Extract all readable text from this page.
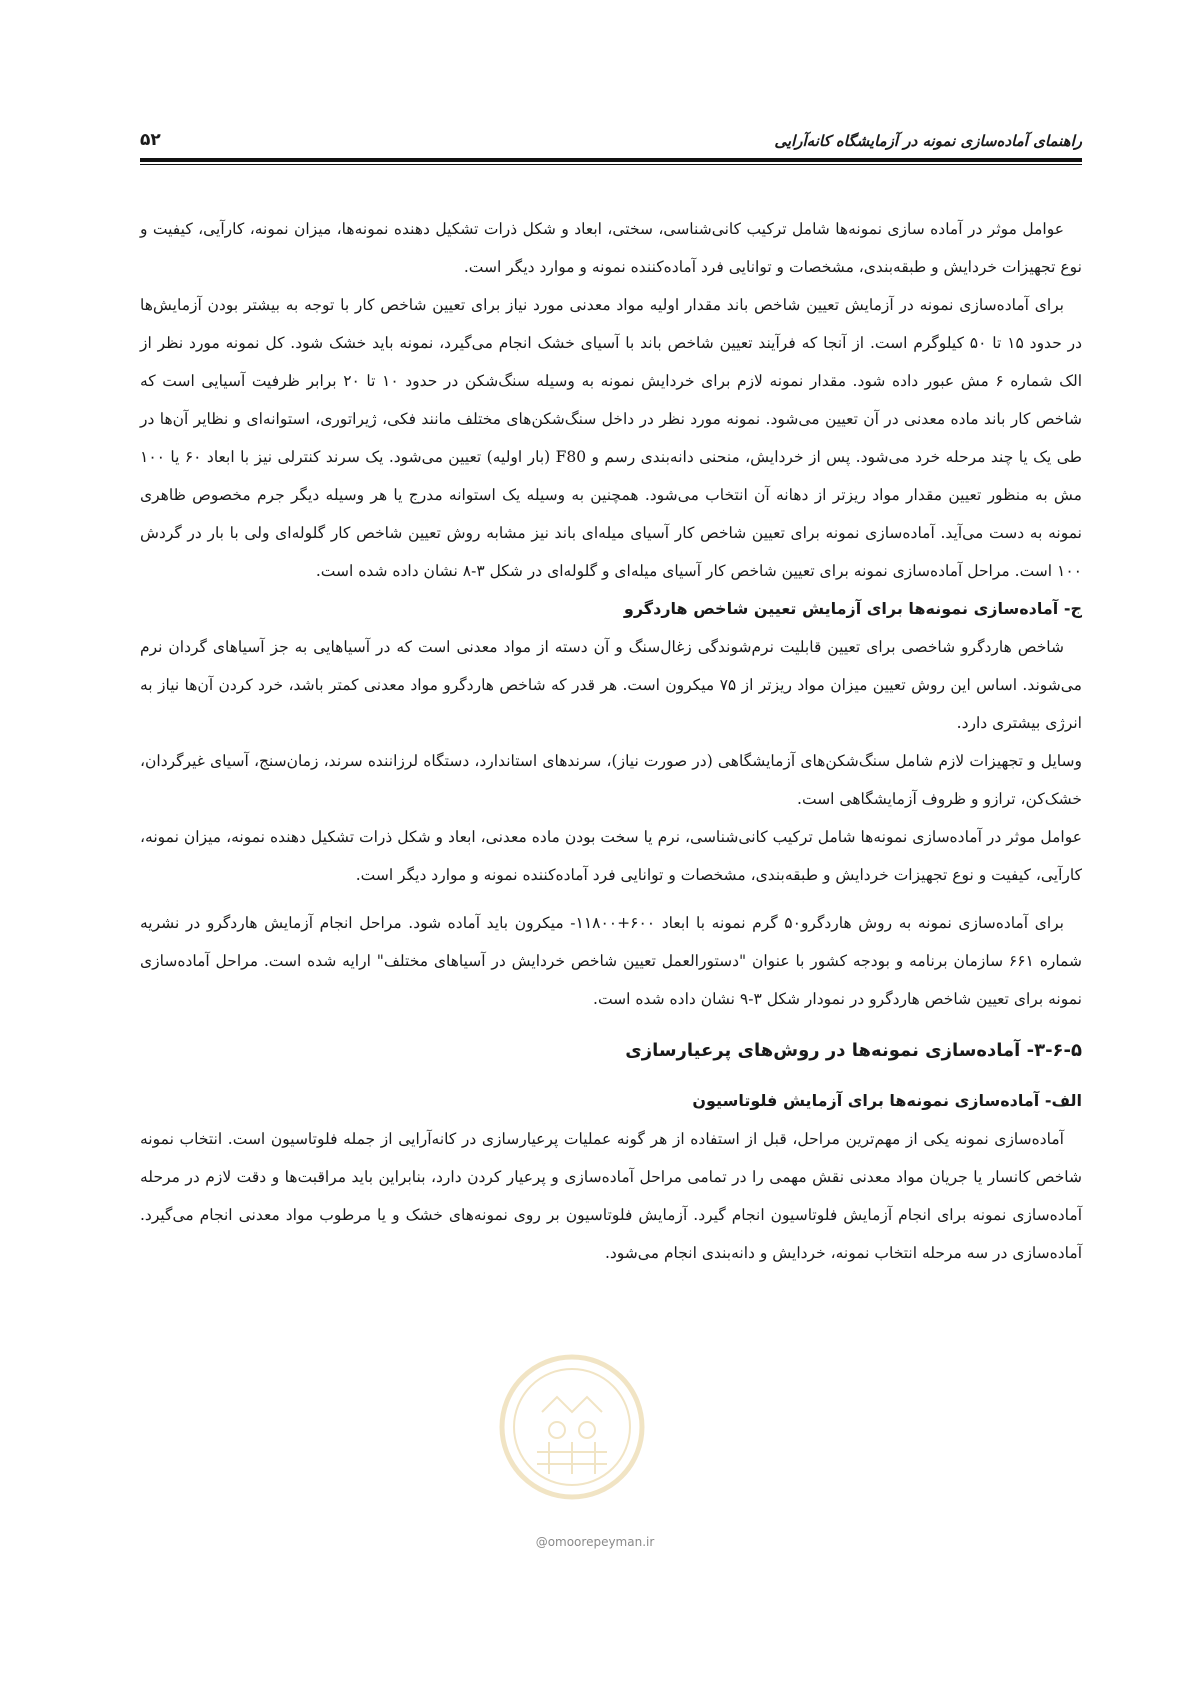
راهنمای آماده‌سازی نمونه در آزمایشگاه کانه‌آرایی
۵۲

عوامل موثر در آماده سازی نمونه‌ها شامل ترکیب کانی‌شناسی، سختی، ابعاد و شکل ذرات تشکیل دهنده نمونه‌ها، میزان نمونه، کارآیی، کیفیت و نوع تجهیزات خردایش و طبقه‌بندی، مشخصات و توانایی فرد آماده‌کننده نمونه و موارد دیگر است.

برای آماده‌سازی نمونه در آزمایش تعیین شاخص باند مقدار اولیه مواد معدنی مورد نیاز برای تعیین شاخص کار با توجه به بیشتر بودن آزمایش‌ها در حدود ۱۵ تا ۵۰ کیلوگرم است. از آنجا که فرآیند تعیین شاخص باند با آسیای خشک انجام می‌گیرد، نمونه باید خشک شود. کل نمونه مورد نظر از الک شماره ۶ مش عبور داده شود. مقدار نمونه لازم برای خردایش نمونه به وسیله سنگ‌شکن در حدود ۱۰ تا ۲۰ برابر ظرفیت آسیایی است که شاخص کار باند ماده معدنی در آن تعیین می‌شود. نمونه مورد نظر در داخل سنگ‌شکن‌های مختلف مانند فکی، ژیراتوری، استوانه‌ای و نظایر آن‌ها در طی یک یا چند مرحله خرد می‌شود. پس از خردایش، منحنی دانه‌بندی رسم و F80 (بار اولیه) تعیین می‌شود. یک سرند کنترلی نیز با ابعاد ۶۰ یا ۱۰۰ مش به منظور تعیین مقدار مواد ریزتر از دهانه آن انتخاب می‌شود. همچنین به وسیله یک استوانه مدرج یا هر وسیله دیگر جرم مخصوص ظاهری نمونه به دست می‌آید. آماده‌سازی نمونه برای تعیین شاخص کار آسیای میله‌ای باند نیز مشابه روش تعیین شاخص کار گلوله‌ای ولی با بار در گردش ۱۰۰ است. مراحل آماده‌سازی نمونه برای تعیین شاخص کار آسیای میله‌ای و گلوله‌ای در شکل ۳-۸ نشان داده شده است.

ج- آماده‌سازی نمونه‌ها برای آزمایش تعیین شاخص هاردگرو

شاخص هاردگرو شاخصی برای تعیین قابلیت نرم‌شوندگی زغال‌سنگ و آن دسته از مواد معدنی است که در آسیاهایی به جز آسیاهای گردان نرم می‌شوند. اساس این روش تعیین میزان مواد ریزتر از ۷۵ میکرون است. هر قدر که شاخص هاردگرو مواد معدنی کمتر باشد، خرد کردن آن‌ها نیاز به انرژی بیشتری دارد.

وسایل و تجهیزات لازم شامل سنگ‌شکن‌های آزمایشگاهی (در صورت نیاز)، سرندهای استاندارد، دستگاه لرزاننده سرند، زمان‌سنج، آسیای غیرگردان، خشک‌کن، ترازو و ظروف آزمایشگاهی است.

عوامل موثر در آماده‌سازی نمونه‌ها شامل ترکیب کانی‌شناسی، نرم یا سخت بودن ماده معدنی، ابعاد و شکل ذرات تشکیل دهنده نمونه، میزان نمونه، کارآیی، کیفیت و نوع تجهیزات خردایش و طبقه‌بندی، مشخصات و توانایی فرد آماده‌کننده نمونه و موارد دیگر است.

برای آماده‌سازی نمونه به روش هاردگرو۵۰ گرم نمونه با ابعاد ۶۰۰+۱۱۸۰۰- میکرون باید آماده شود. مراحل انجام آزمایش هاردگرو در نشریه شماره ۶۶۱ سازمان برنامه و بودجه کشور با عنوان "دستورالعمل تعیین شاخص خردایش در آسیاهای مختلف" ارایه شده است. مراحل آماده‌سازی نمونه برای تعیین شاخص هاردگرو در نمودار شکل ۳-۹ نشان داده شده است.

۳-۶-۵- آماده‌سازی نمونه‌ها در روش‌های پرعیارسازی
الف- آماده‌سازی نمونه‌ها برای آزمایش فلوتاسیون

آماده‌سازی نمونه یکی از مهم‌ترین مراحل، قبل از استفاده از هر گونه عملیات پرعیارسازی در کانه‌آرایی از جمله فلوتاسیون است. انتخاب نمونه شاخص کانسار یا جریان مواد معدنی نقش مهمی را در تمامی مراحل آماده‌سازی و پرعیار کردن دارد، بنابراین باید مراقبت‌ها و دقت لازم در مرحله آماده‌سازی نمونه برای انجام آزمایش فلوتاسیون انجام گیرد. آزمایش فلوتاسیون بر روی نمونه‌های خشک و یا مرطوب مواد معدنی انجام می‌گیرد. آماده‌سازی در سه مرحله انتخاب نمونه، خردایش و دانه‌بندی انجام می‌شود.

@omoorepeyman.ir
